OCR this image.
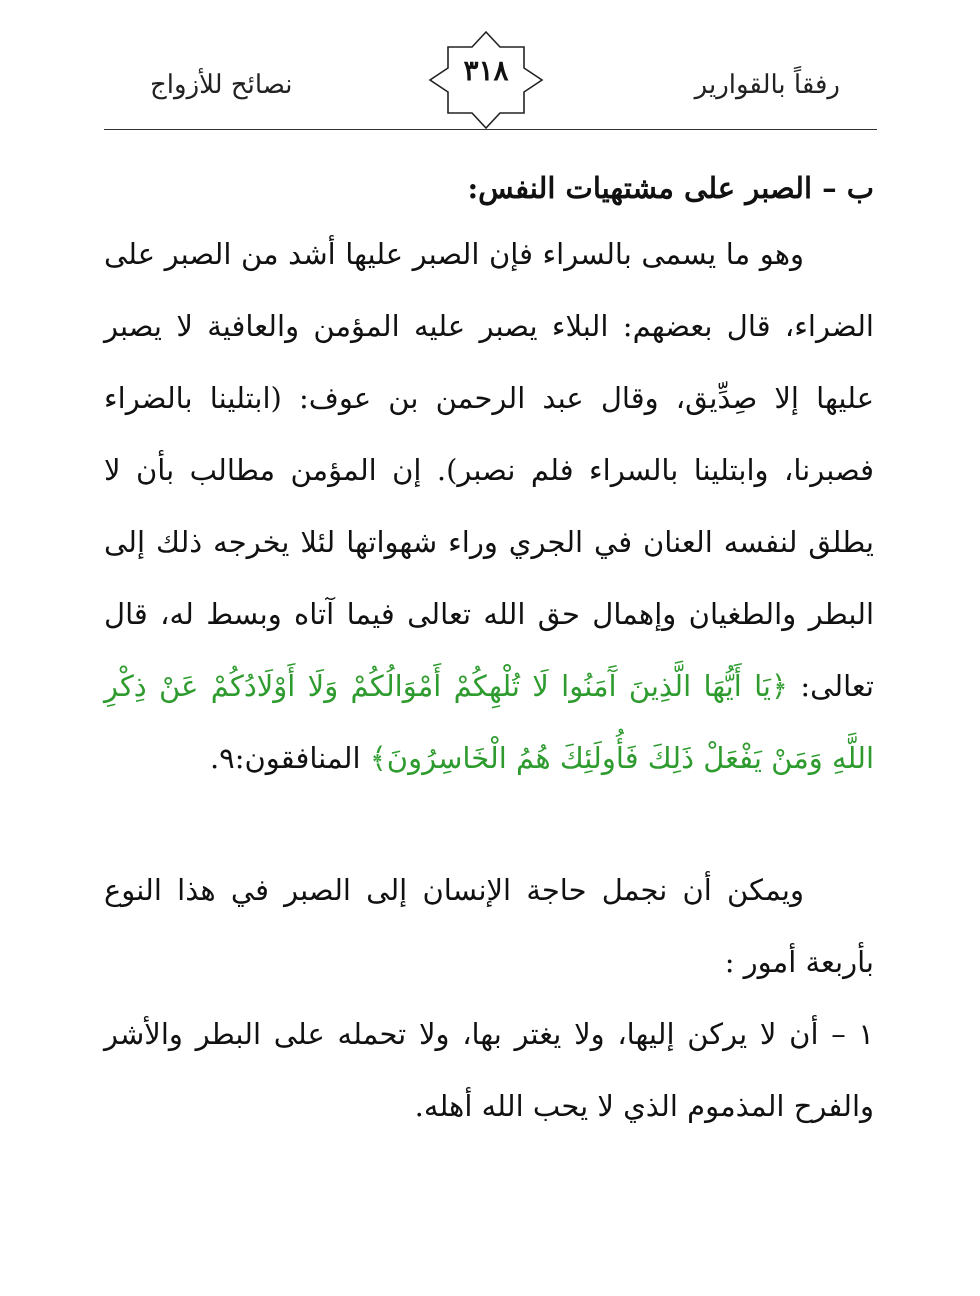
رفقاً بالقوارير
٣١٨
نصائح للأزواج

ب – الصبر على مشتهيات النفس:

وهو ما يسمى بالسراء فإن الصبر عليها أشد من الصبر على الضراء، قال بعضهم: البلاء يصبر عليه المؤمن والعافية لا يصبر عليها إلا صِدِّيق، وقال عبد الرحمن بن عوف: (ابتلينا بالضراء فصبرنا، وابتلينا بالسراء فلم نصبر). إن المؤمن مطالب بأن لا يطلق لنفسه العنان في الجري وراء شهواتها لئلا يخرجه ذلك إلى البطر والطغيان وإهمال حق الله تعالى فيما آتاه وبسط له، قال تعالى: ﴿يَا أَيُّهَا الَّذِينَ آَمَنُوا لَا تُلْهِكُمْ أَمْوَالُكُمْ وَلَا أَوْلَادُكُمْ عَنْ ذِكْرِ اللَّهِ وَمَنْ يَفْعَلْ ذَلِكَ فَأُولَئِكَ هُمُ الْخَاسِرُونَ﴾ المنافقون:٩.

ويمكن أن نجمل حاجة الإنسان إلى الصبر في هذا النوع بأربعة أمور :

١ – أن لا يركن إليها، ولا يغتر بها، ولا تحمله على البطر والأشر والفرح المذموم الذي لا يحب الله أهله.
